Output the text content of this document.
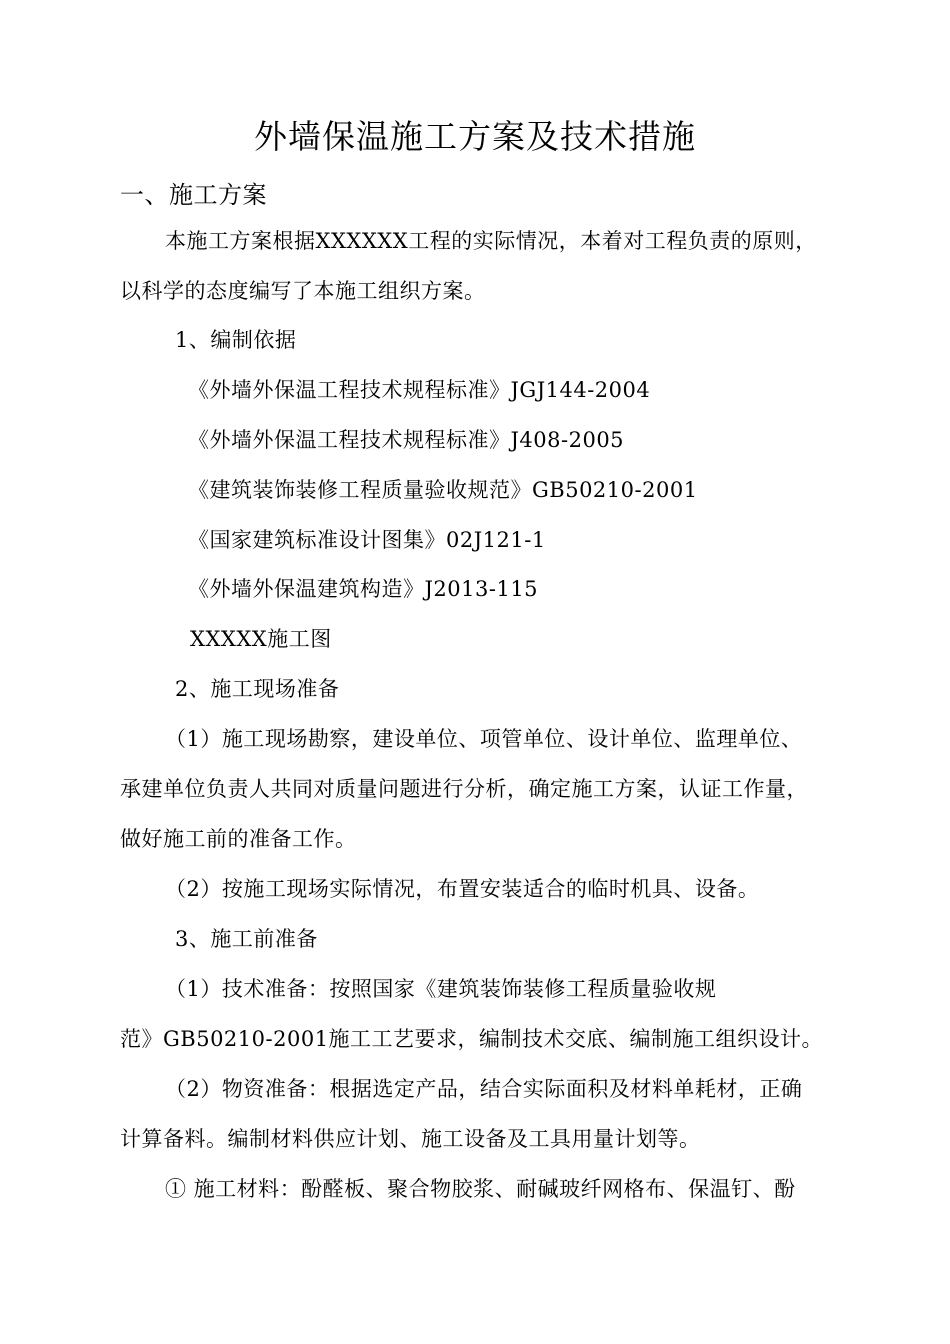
外墙保温施工方案及技术措施
一、施工方案
本施工方案根据XXXXXX工程的实际情况，本着对工程负责的原则，
以科学的态度编写了本施工组织方案。
1、编制依据
《外墙外保温工程技术规程标准》JGJ144-2004
《外墙外保温工程技术规程标准》J408-2005
《建筑装饰装修工程质量验收规范》GB50210-2001
《国家建筑标准设计图集》02J121-1
《外墙外保温建筑构造》J2013-115
XXXXX施工图
2、施工现场准备
（1）施工现场勘察，建设单位、项管单位、设计单位、监理单位、
承建单位负责人共同对质量问题进行分析，确定施工方案，认证工作量，
做好施工前的准备工作。
（2）按施工现场实际情况，布置安装适合的临时机具、设备。
3、施工前准备
（1）技术准备：按照国家《建筑装饰装修工程质量验收规
范》GB50210-2001施工工艺要求，编制技术交底、编制施工组织设计。
（2）物资准备：根据选定产品，结合实际面积及材料单耗材，正确
计算备料。编制材料供应计划、施工设备及工具用量计划等。
① 施工材料：酚醛板、聚合物胶浆、耐碱玻纤网格布、保温钉、酚
